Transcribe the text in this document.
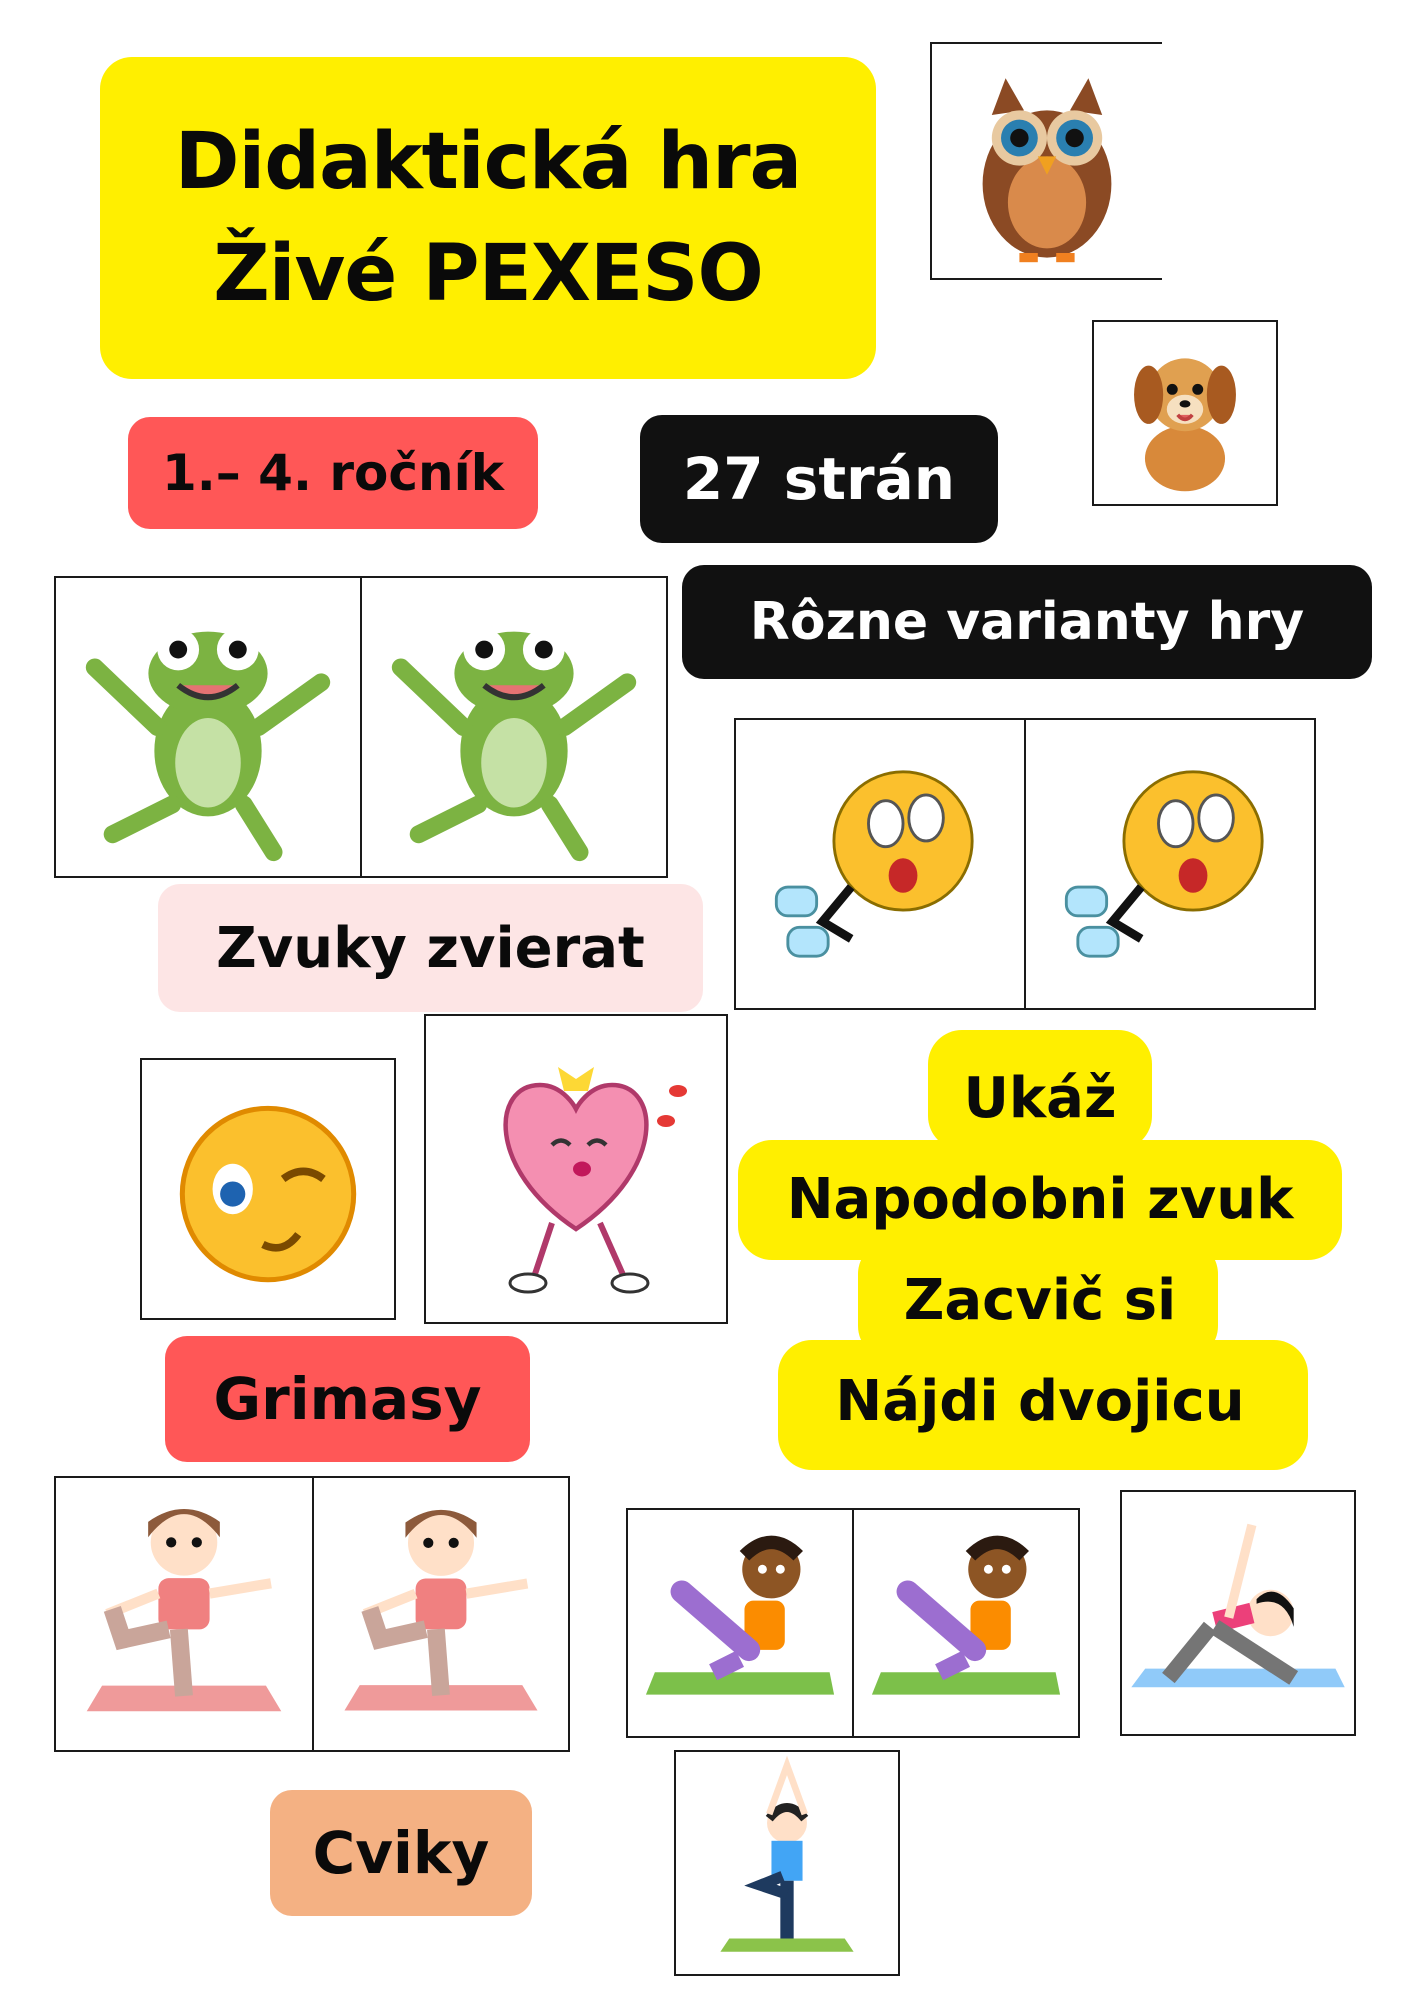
Didaktická hra
Živé PEXESO
1.– 4. ročník	27 strán
Rôzne varianty hry
Zvuky zvierat
Grimasy
Cviky
Ukáž
Napodobni zvuk
Zacvič si
Nájdi dvojicu
